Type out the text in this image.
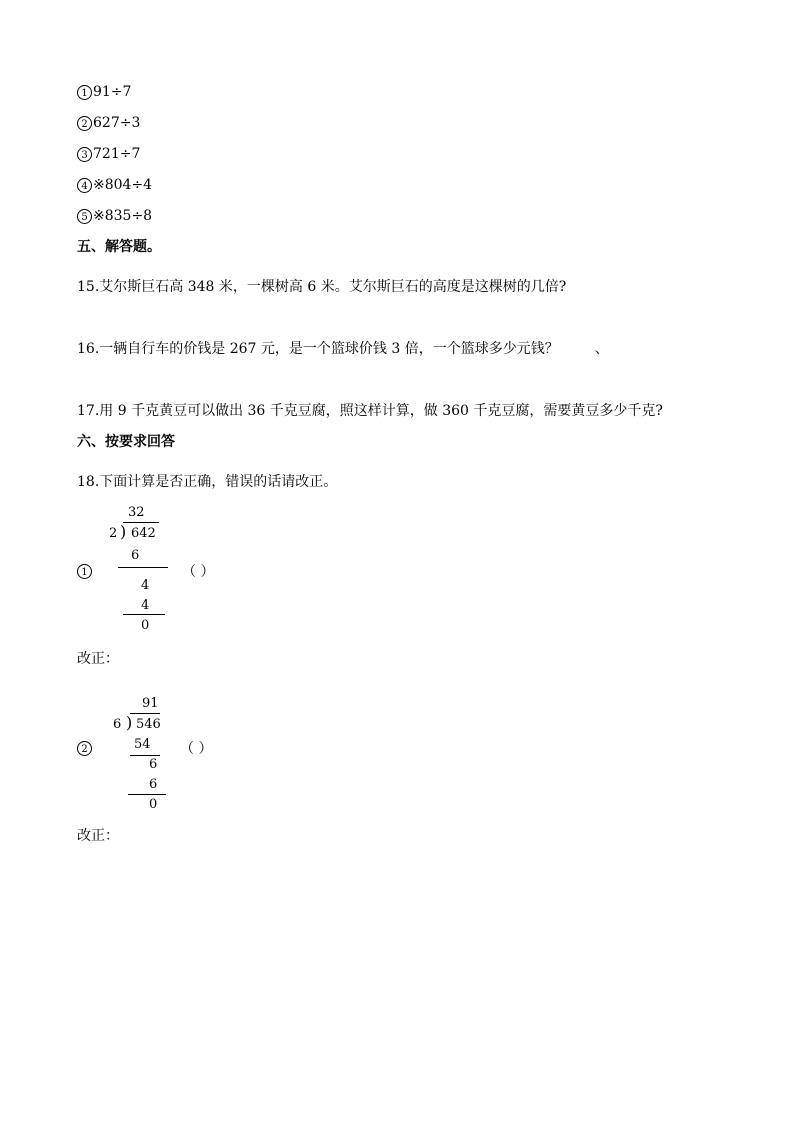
1 91÷7
2 627÷3
3 721÷7
4 ※804÷4
5 ※835÷8
五、解答题。
15.艾尔斯巨石高 348 米，一棵树高 6 米。艾尔斯巨石的高度是这棵树的几倍?
16.一辆自行车的价钱是 267 元，是一个篮球价钱 3 倍，一个篮球多少元钱？	、
17.用 9 千克黄豆可以做出 36 千克豆腐，照这样计算，做 360 千克豆腐，需要黄豆多少千克?
六、按要求回答
18.下面计算是否正确，错误的话请改正。
1
32
2 ) 642
6
4
4
0
（ ）
改正：
2
91
6 ) 546
54
6
6
0
（ ）
改正：
